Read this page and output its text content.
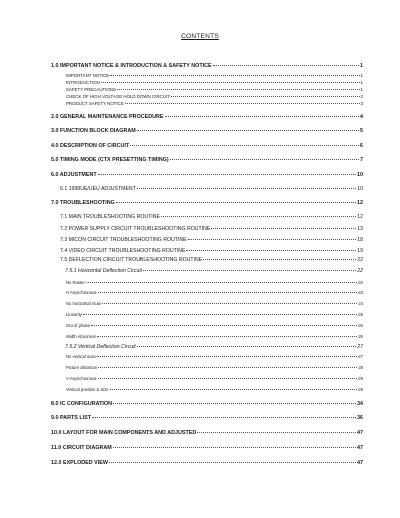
CONTENTS
1.0 IMPORTANT NOTICE & INTRODUCTION & SAFETY NOTICE	1
IMPORTANT NOTICE	1
INTRODUCTION	1
SAFETY PRECAUTIONS	1
CHECK OF HIGH VOLTAGE HOLD DOWN CIRCUIT	2
PRODUCT SAFETY NOTICE	3
2.0 GENERAL MAINTENANCE PROCEDURE	4
3.0 FUNCTION BLOCK DIAGRAM	5
4.0 DESCRIPTION OF CIRCUIT	6
5.0 TIMING MODE (CTX PRESETTING TIMING)	7
6.0 ADJUSTMENT	10
6.1 1998UE/UEU ADJUSTMENT	10
7.0 TROUBLESHOOTING	12
7.1 MAIN TROUBLESHOOTING ROUTINE	12
7.2 POWER SUPPLY CIRCUIT TROUBLESHOOTING ROUTINE	13
7.3 MICON CIRCUIT TROUBLESHOOTING ROUTINE	18
7.4 VIDEO CIRCUIT TROUBLESHOOTING ROUTINE	19
7.5 DEFLECTION CIRCUIT TROUBLESHOOTING ROUTINE	22
7.5.1 Horizontal Deflection Circuit	22
No Raster	22
H Asynchronous	23
No horizontal Scan	24
Linearity	25
Out of phase	26
Width Abnormal	26
7.5.2 Vertical Deflection Circuit	27
No vertical scan	27
Picture distortion	28
V-Asynchronous	29
Vertical position & Size	29
8.0 IC CONFIGURATION	34
9.0 PARTS LIST	36
10.0 LAYOUT FOR MAIN COMPONENTS AND ADJUSTED	47
11.0 CIRCUIT DIAGRAM	47
12.0 EXPLODED VIEW	47
